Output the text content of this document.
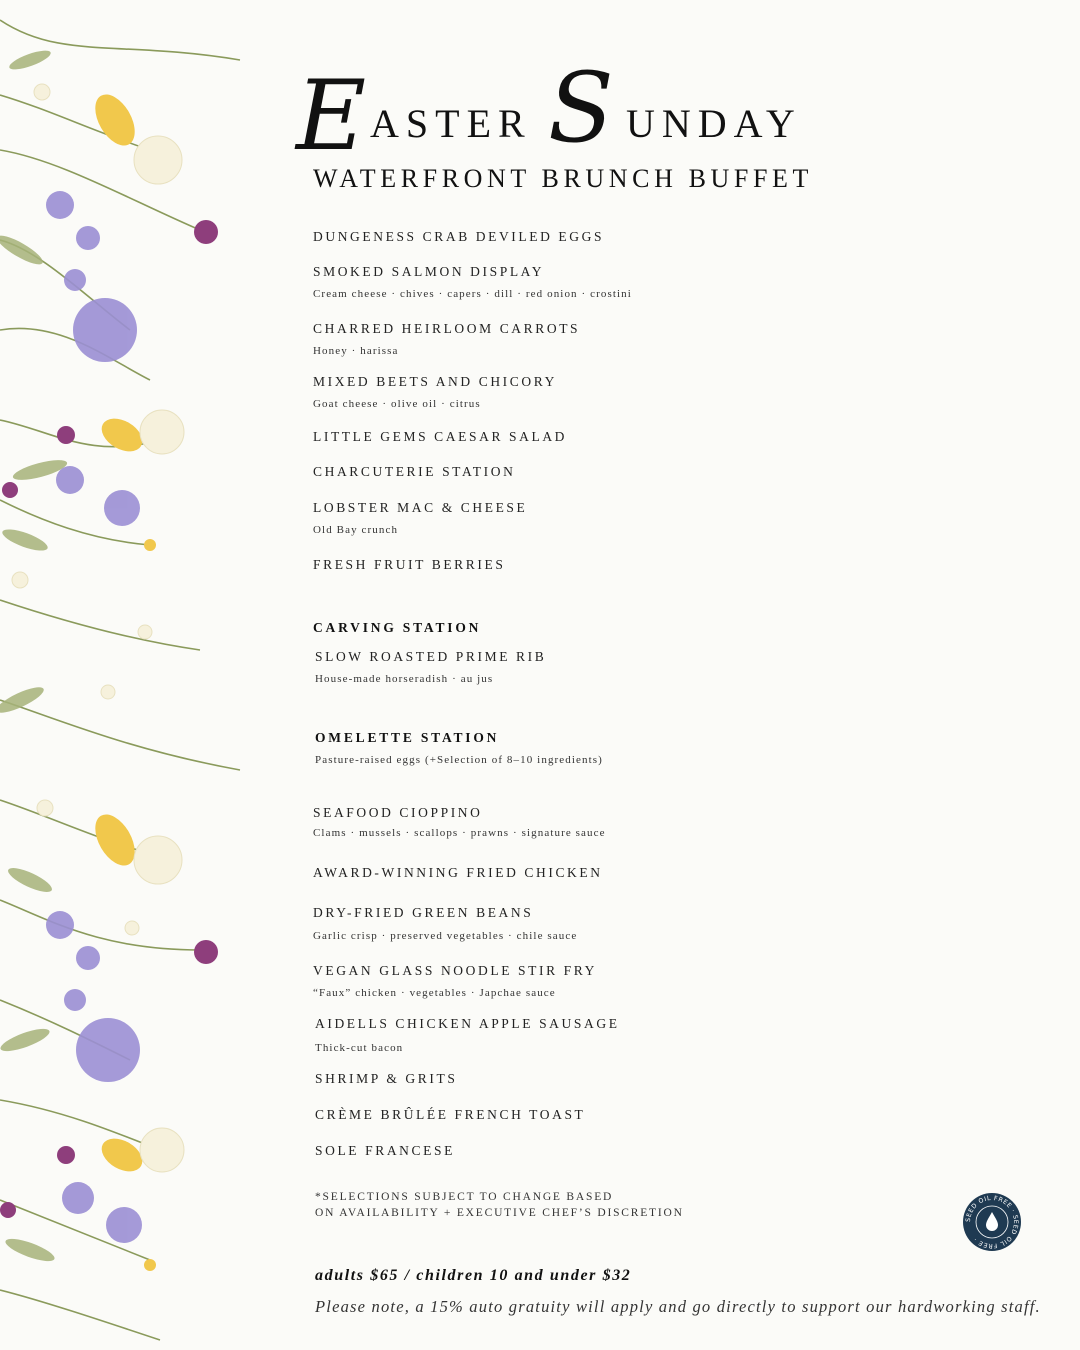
E ASTER S UNDAY
WATERFRONT BRUNCH BUFFET
DUNGENESS CRAB DEVILED EGGS
SMOKED SALMON DISPLAY
Cream cheese · chives · capers · dill · red onion · crostini
CHARRED HEIRLOOM CARROTS
Honey · harissa
MIXED BEETS AND CHICORY
Goat cheese · olive oil · citrus
LITTLE GEMS CAESAR SALAD
CHARCUTERIE STATION
LOBSTER MAC & CHEESE
Old Bay crunch
FRESH FRUIT BERRIES
CARVING STATION
SLOW ROASTED PRIME RIB
House-made horseradish · au jus
OMELETTE STATION
Pasture-raised eggs (+Selection of 8–10 ingredients)
SEAFOOD CIOPPINO
Clams · mussels · scallops · prawns · signature sauce
AWARD-WINNING FRIED CHICKEN
DRY-FRIED GREEN BEANS
Garlic crisp · preserved vegetables · chile sauce
VEGAN GLASS NOODLE STIR FRY
“Faux” chicken · vegetables · Japchae sauce
AIDELLS CHICKEN APPLE SAUSAGE
Thick-cut bacon
SHRIMP & GRITS
CRÈME BRÛLÉE FRENCH TOAST
SOLE FRANCESE
*SELECTIONS SUBJECT TO CHANGE BASED
ON AVAILABILITY + EXECUTIVE CHEF’S DISCRETION
SEED OIL FREE · SEED OIL FREE ·
adults $65 / children 10 and under $32
Please note, a 15% auto gratuity will apply and go directly to support our hardworking staff.
